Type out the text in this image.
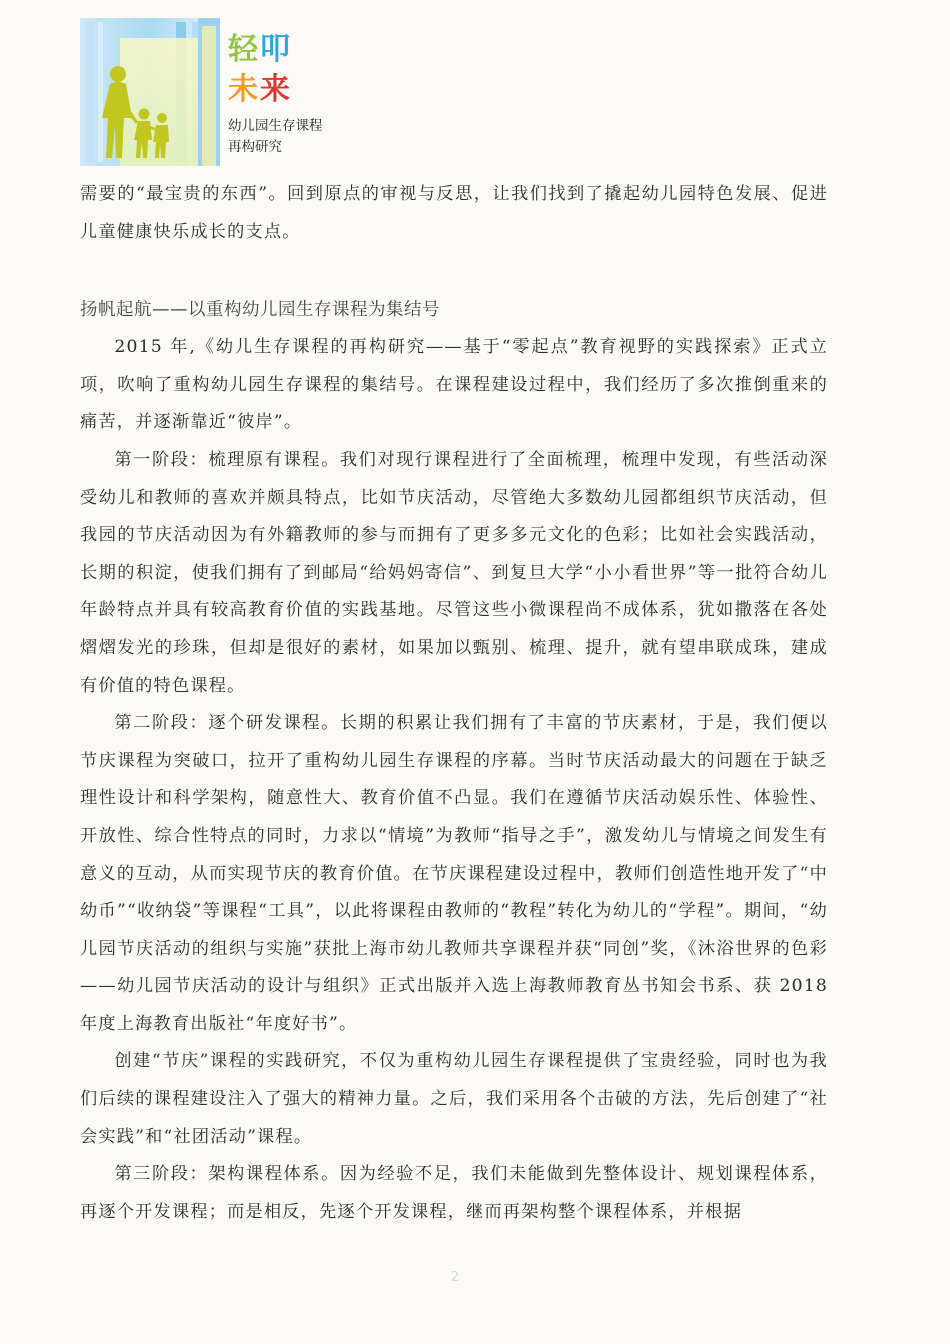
轻叩
未来
幼儿园生存课程
再构研究

需要的“最宝贵的东西”。回到原点的审视与反思，让我们找到了撬起幼儿园特色发展、促进儿童健康快乐成长的支点。

扬帆起航——以重构幼儿园生存课程为集结号

2015 年,《幼儿生存课程的再构研究——基于“零起点”教育视野的实践探索》正式立项，吹响了重构幼儿园生存课程的集结号。在课程建设过程中，我们经历了多次推倒重来的痛苦，并逐渐靠近“彼岸”。

第一阶段：梳理原有课程。我们对现行课程进行了全面梳理，梳理中发现，有些活动深受幼儿和教师的喜欢并颇具特点，比如节庆活动，尽管绝大多数幼儿园都组织节庆活动，但我园的节庆活动因为有外籍教师的参与而拥有了更多多元文化的色彩；比如社会实践活动，长期的积淀，使我们拥有了到邮局“给妈妈寄信”、到复旦大学“小小看世界”等一批符合幼儿年龄特点并具有较高教育价值的实践基地。尽管这些小微课程尚不成体系，犹如撒落在各处熠熠发光的珍珠，但却是很好的素材，如果加以甄别、梳理、提升，就有望串联成珠，建成有价值的特色课程。

第二阶段：逐个研发课程。长期的积累让我们拥有了丰富的节庆素材，于是，我们便以节庆课程为突破口，拉开了重构幼儿园生存课程的序幕。当时节庆活动最大的问题在于缺乏理性设计和科学架构，随意性大、教育价值不凸显。我们在遵循节庆活动娱乐性、体验性、开放性、综合性特点的同时，力求以“情境”为教师“指导之手”，激发幼儿与情境之间发生有意义的互动，从而实现节庆的教育价值。在节庆课程建设过程中，教师们创造性地开发了“中幼币”“收纳袋”等课程“工具”，以此将课程由教师的“教程”转化为幼儿的“学程”。期间，“幼儿园节庆活动的组织与实施”获批上海市幼儿教师共享课程并获“同创”奖，《沐浴世界的色彩——幼儿园节庆活动的设计与组织》正式出版并入选上海教师教育丛书知会书系、获 2018 年度上海教育出版社“年度好书”。

创建“节庆”课程的实践研究，不仅为重构幼儿园生存课程提供了宝贵经验，同时也为我们后续的课程建设注入了强大的精神力量。之后，我们采用各个击破的方法，先后创建了“社会实践”和“社团活动”课程。

第三阶段：架构课程体系。因为经验不足，我们未能做到先整体设计、规划课程体系，再逐个开发课程；而是相反，先逐个开发课程，继而再架构整个课程体系，并根据

2
